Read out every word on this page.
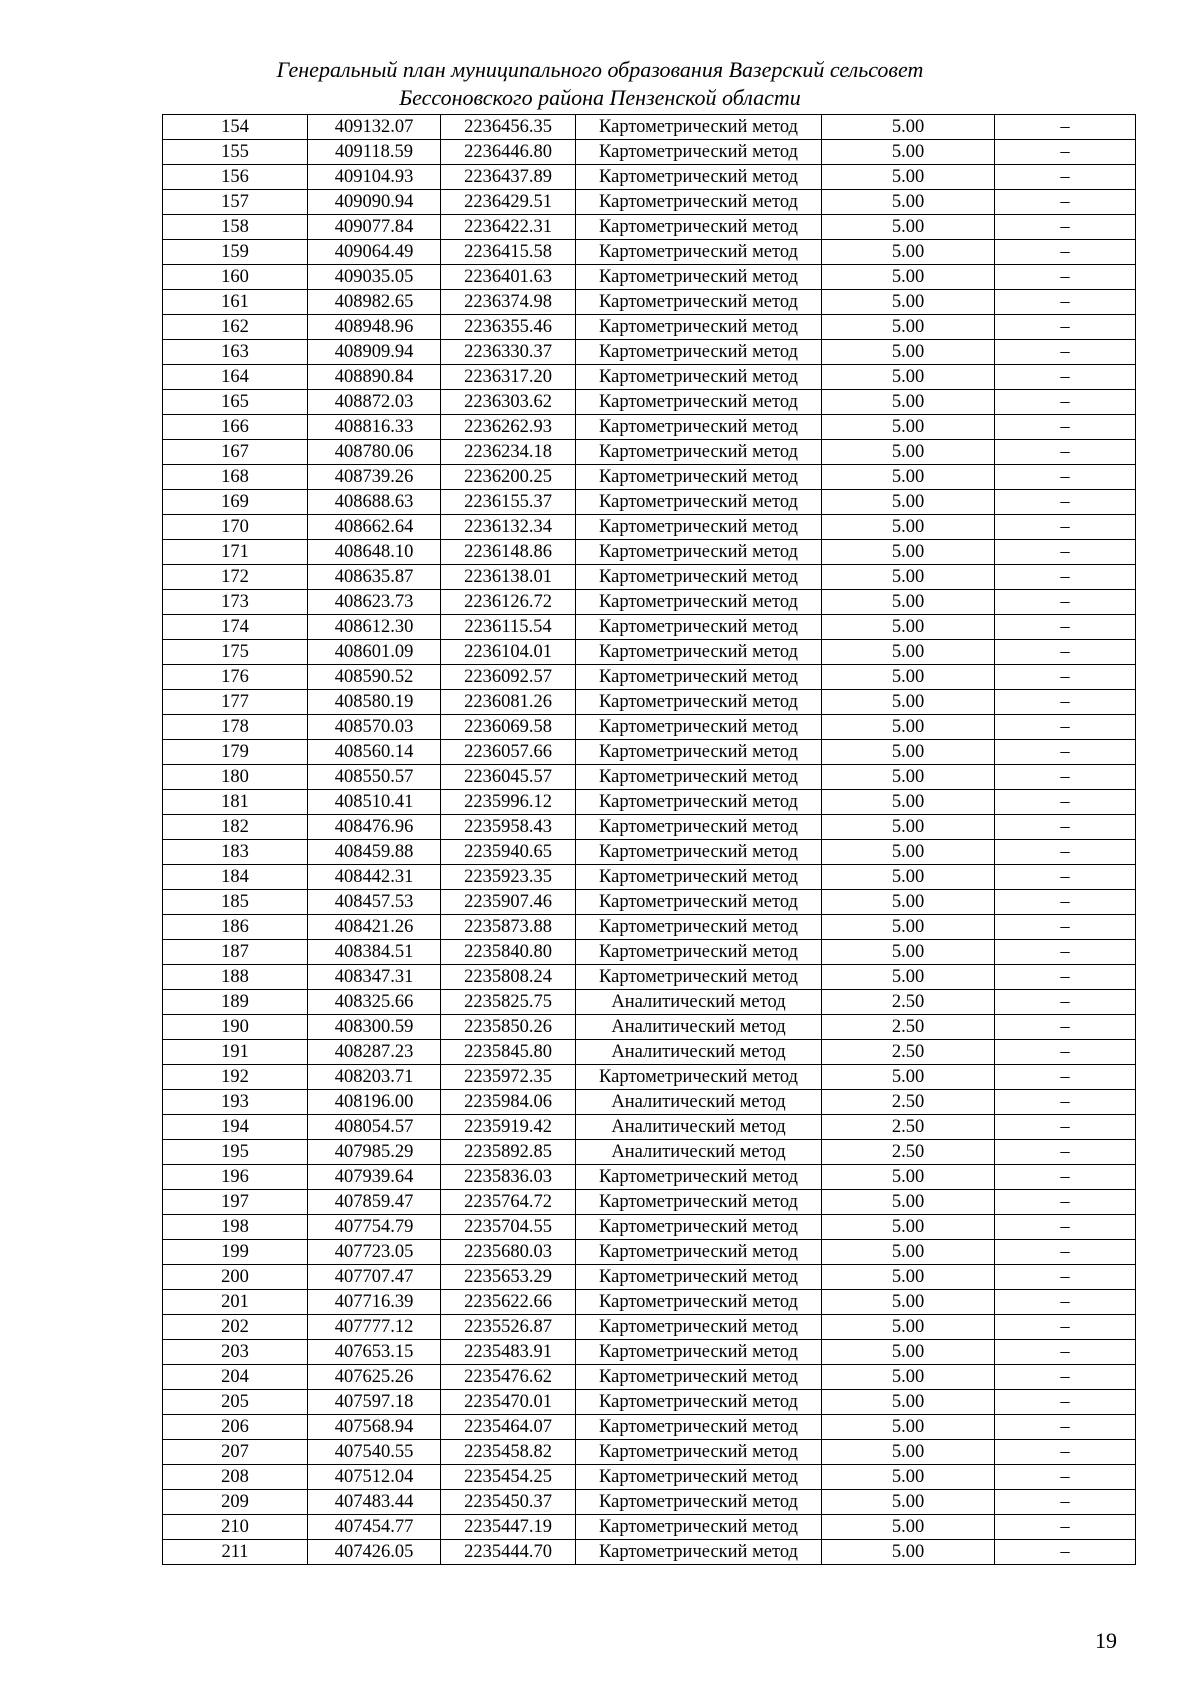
Генеральный план муниципального образования Вазерский сельсовет
Бессоновского района Пензенской области
154	409132.07	2236456.35	Картометрический метод	5.00	–
155	409118.59	2236446.80	Картометрический метод	5.00	–
156	409104.93	2236437.89	Картометрический метод	5.00	–
157	409090.94	2236429.51	Картометрический метод	5.00	–
158	409077.84	2236422.31	Картометрический метод	5.00	–
159	409064.49	2236415.58	Картометрический метод	5.00	–
160	409035.05	2236401.63	Картометрический метод	5.00	–
161	408982.65	2236374.98	Картометрический метод	5.00	–
162	408948.96	2236355.46	Картометрический метод	5.00	–
163	408909.94	2236330.37	Картометрический метод	5.00	–
164	408890.84	2236317.20	Картометрический метод	5.00	–
165	408872.03	2236303.62	Картометрический метод	5.00	–
166	408816.33	2236262.93	Картометрический метод	5.00	–
167	408780.06	2236234.18	Картометрический метод	5.00	–
168	408739.26	2236200.25	Картометрический метод	5.00	–
169	408688.63	2236155.37	Картометрический метод	5.00	–
170	408662.64	2236132.34	Картометрический метод	5.00	–
171	408648.10	2236148.86	Картометрический метод	5.00	–
172	408635.87	2236138.01	Картометрический метод	5.00	–
173	408623.73	2236126.72	Картометрический метод	5.00	–
174	408612.30	2236115.54	Картометрический метод	5.00	–
175	408601.09	2236104.01	Картометрический метод	5.00	–
176	408590.52	2236092.57	Картометрический метод	5.00	–
177	408580.19	2236081.26	Картометрический метод	5.00	–
178	408570.03	2236069.58	Картометрический метод	5.00	–
179	408560.14	2236057.66	Картометрический метод	5.00	–
180	408550.57	2236045.57	Картометрический метод	5.00	–
181	408510.41	2235996.12	Картометрический метод	5.00	–
182	408476.96	2235958.43	Картометрический метод	5.00	–
183	408459.88	2235940.65	Картометрический метод	5.00	–
184	408442.31	2235923.35	Картометрический метод	5.00	–
185	408457.53	2235907.46	Картометрический метод	5.00	–
186	408421.26	2235873.88	Картометрический метод	5.00	–
187	408384.51	2235840.80	Картометрический метод	5.00	–
188	408347.31	2235808.24	Картометрический метод	5.00	–
189	408325.66	2235825.75	Аналитический метод	2.50	–
190	408300.59	2235850.26	Аналитический метод	2.50	–
191	408287.23	2235845.80	Аналитический метод	2.50	–
192	408203.71	2235972.35	Картометрический метод	5.00	–
193	408196.00	2235984.06	Аналитический метод	2.50	–
194	408054.57	2235919.42	Аналитический метод	2.50	–
195	407985.29	2235892.85	Аналитический метод	2.50	–
196	407939.64	2235836.03	Картометрический метод	5.00	–
197	407859.47	2235764.72	Картометрический метод	5.00	–
198	407754.79	2235704.55	Картометрический метод	5.00	–
199	407723.05	2235680.03	Картометрический метод	5.00	–
200	407707.47	2235653.29	Картометрический метод	5.00	–
201	407716.39	2235622.66	Картометрический метод	5.00	–
202	407777.12	2235526.87	Картометрический метод	5.00	–
203	407653.15	2235483.91	Картометрический метод	5.00	–
204	407625.26	2235476.62	Картометрический метод	5.00	–
205	407597.18	2235470.01	Картометрический метод	5.00	–
206	407568.94	2235464.07	Картометрический метод	5.00	–
207	407540.55	2235458.82	Картометрический метод	5.00	–
208	407512.04	2235454.25	Картометрический метод	5.00	–
209	407483.44	2235450.37	Картометрический метод	5.00	–
210	407454.77	2235447.19	Картометрический метод	5.00	–
211	407426.05	2235444.70	Картометрический метод	5.00	–
19
